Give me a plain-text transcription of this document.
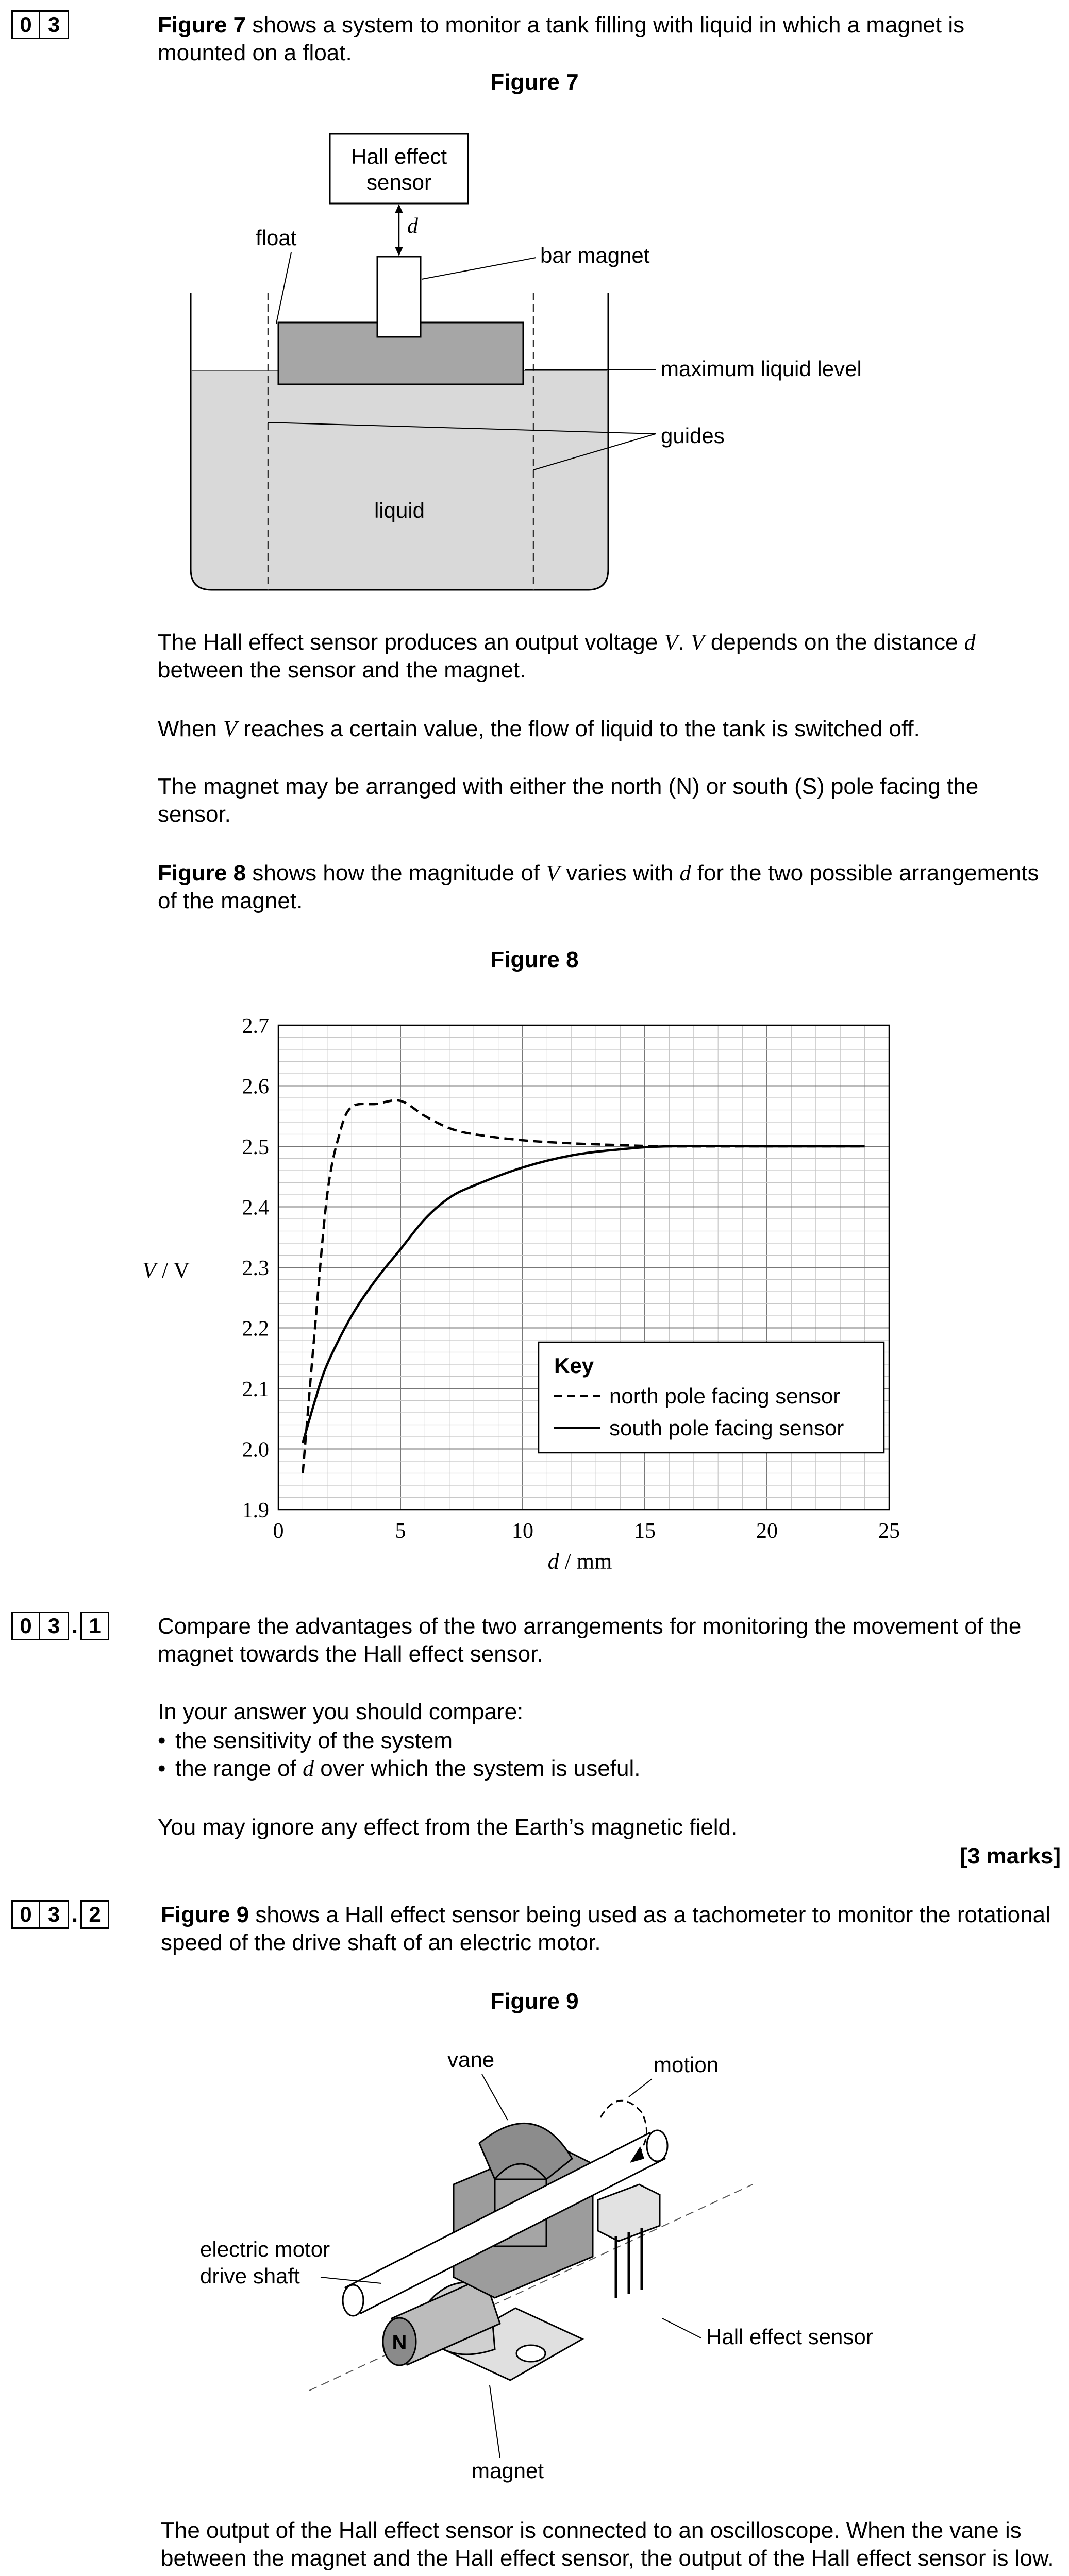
0 3	Figure 7 shows a system to monitor a tank filling with liquid in which a magnet is mounted on a float.

Figure 7
Hall effect
sensor
d
float
bar magnet
maximum liquid level
guides
liquid

The Hall effect sensor produces an output voltage V. V depends on the distance d between the sensor and the magnet.

When V reaches a certain value, the flow of liquid to the tank is switched off.

The magnet may be arranged with either the north (N) or south (S) pole facing the sensor.

Figure 8 shows how the magnitude of V varies with d for the two possible arrangements of the magnet.

Figure 8
0	5	10	15	20	25
1.9
2.0
2.1
2.2
2.3
2.4
2.5
2.6
2.7
V / V
d / mm
Key
north pole facing sensor
south pole facing sensor
0 3 . 1	Compare the advantages of the two arrangements for monitoring the movement of the magnet towards the Hall effect sensor.

In your answer you should compare:

• the sensitivity of the system
• the range of d over which the system is useful.

You may ignore any effect from the Earth’s magnetic field.

[3 marks]
0 3 . 2	Figure 9 shows a Hall effect sensor being used as a tachometer to monitor the rotational speed of the drive shaft of an electric motor.

Figure 9
N
vane	motion
electric motor
drive shaft
Hall effect sensor
magnet

The output of the Hall effect sensor is connected to an oscilloscope. When the vane is between the magnet and the Hall effect sensor, the output of the Hall effect sensor is low.
